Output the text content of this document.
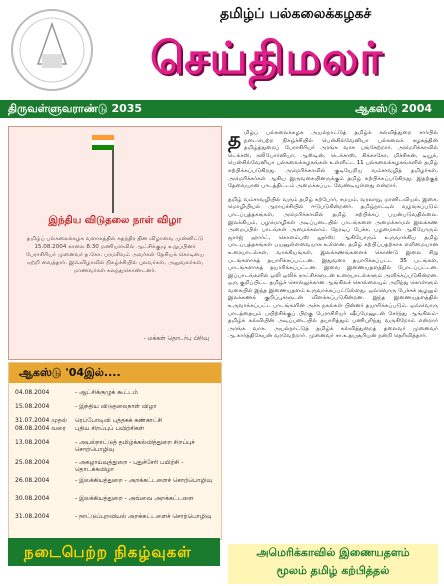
தமிழ்ப் பல்கலைக்கழகச்
செய்திமலர்
திருவள்ளுவராண்டு 2035	ஆகஸ்டு 2004
இந்திய விடுதலை நாள் விழா
தமிழ்ப் பல்கலைக்கழக வளாகத்தில் சுதந்திர தின விழாவை முன்னிட்டு 15.08.2004 காலை 8.30 மணியளவில் ஆட்சிக்குழு உறுப்பினர் பேராசிரியர் முனைவர் த.கோ. பரமசிவம் அவர்கள் தேசியக் கொடியை ஏற்றி வைத்தார். இவ்விழாவில் நிகழ்ச்சியில் புலவர்கள், அலுவலர்கள், மாணவர்கள் கலந்துகொண்டனர்.
- மக்கள் தொடர்பு பிரிவு
ஆகஸ்டு '04இல்....
04.08.2004	- ஆட்சிக்குழுக் கூட்டம்
15.08.2004	- இந்திய விடுதலைநாள் விழா
31.07.2004 முதல்	ரெப்போடிவி புத்தகக் கண்காட்சி
08.08.2004 வரை	புதிய சிறப்புப் பயிற்சிகள்
13.08.2004	- அயல்நாட்டுத் தமிழ்க்கல்வித்துறை சிறப்புச் சொற்பொழிவு
25.08.2004	- அகழாய்வுத்துறை - புதுச்சேரி பயிற்சி - தொடக்கவிழா
26.08.2004	- இலக்கியத்துறை - அறக்கட்டளைச் சொற்பொழிவு
30.08.2004	- இலக்கியத்துறை - அவ்வை அறக்கட்டளை
31.08.2004	- நாட்டுப்புறவியல் அறக்கட்டளைச் சொற்பொழிவு
நடைபெற்ற நிகழ்வுகள்

தமிழ்ப் பல்கலைக்கழக அயல்நாட்டுத் தமிழ்க் கல்வித்துறை சார்பில் நடைபெற்ற நிகழ்ச்சியில் பென்சில்வேனியா பல்கலைக் கழகத்தின் தமிழ்த்துறைப் பேராசிரியர் அரங்க வாசு பங்கேற்றார். அமெரிக்காவில் டெக்சஸ், கலிபோர்னியா, ஆஸ்டின், டெக்சாஸ், சிக்காகோ, மிச்சிகன், டியூக், பென்சில்வேனியா பல்கலைக்கழகங்கள் உள்ளிட்ட 11 பல்கலைக்கழகங்களில் தமிழ் கற்பிக்கப்படுகிறது. அமெரிக்காவில் குடியேறிய வம்சாவழித் தமிழர்கள், அமெரிக்கர்கள் ஆகிய இருவகையினருக்கும் தமிழ் கற்பிக்கப்படுகிறது. இதற்குத் தேவையான பாடத்திட்டம் அமைக்கப்பட வேண்டியுள்ளது என்றார்.

தமிழ் வம்சாவழியில் வரும் தமிழ் கற்போர், சமயம், வரலாறு, மானிடவியல், இசை, மொழியியல் ஆராய்ச்சியில் ஈடுபடுகின்றனர். தமிழ்நாட்டில் வழங்கப்படும் பாடப்புத்தகங்கள், அமெரிக்காவில் தமிழ் கற்பிக்கப் பயன்படுவதில்லை. இலக்கியம், பழமொழிகள் அடிப்படையில் பாடங்களை அமைக்காமல் இலக்கண அமைப்பில் பாடங்கள் அமைக்கலாம். நேரடிப் பேச்சு, பழமைகள் ஆகியோரும் ஜார்ஜ் ஹார்ட், கொளம்பஸ் லூர்ஸ்; ஆகியோரும் உருவாக்கிய தமிழ் பாடப்புத்தகங்கள் பயனுள்ளவையாக உள்ளன. தமிழ் கற்பிப்பதற்காக எளிமையான உரையாடல்கள், வாக்கியங்கள், இலக்கணங்களைக் கொண்டு இலை சிறு படங்களாகத் தயாரிக்கப்பட்டன. இதுவரை தயாரிக்கப்பட்ட 35 படங்கள், பாடங்களாகத் தயாரிக்கப்பட்டன. இவை இணையதளத்தில் போடப்பட்டன. இப்பாடங்களில் ஒலி ஒலிக் காட்சிகளுடன் உரையாடல்களும் அளிக்கப்படுகின்றன. ஒரு குறிப்பிட்ட தமிழ்ச் சொல்லுக்கான ஆங்கிலச் சொல்லையும் அறிந்து கொள்ளும் வகையில் இந்த இணையதளம் உருவாக்கப்பட்டுள்ளது. ஒவ்வொரு பேச்சுச் சூழலும் இலக்கணக் குறிப்புகளுடன் விளக்கப்படுகின்றன. இந்த இணையதளத்தில் உருவாக்கப்பட்ட பாடங்களின் அச்சு நகல்கள் பின்னர் தயாரிக்கப்படும். ஒவ்வொரு பாடத்தையும் பயிற்சிக்குப் பிறகு பேராசிரியர் ஷீப்மேனுடன் சேர்ந்து ஆங்கிலம்-தமிழ்க் கல்வியின் அடிப்படையில் தயாரித்தும் பணிபுரிந்து வருகிறோம் என்றார் அரங்க வாசு. அயல்நாட்டுத் தமிழ்க் கல்வித்துறைத் தலைவர் முனைவர் ஆ.கார்த்திகேயன் வரவேற்றார். முனைவர் சா.உதயசூரியன் நன்றி தெரிவித்தார்.

அமெரிக்காவில் இணையதளம்
மூலம் தமிழ் கற்பித்தல்
